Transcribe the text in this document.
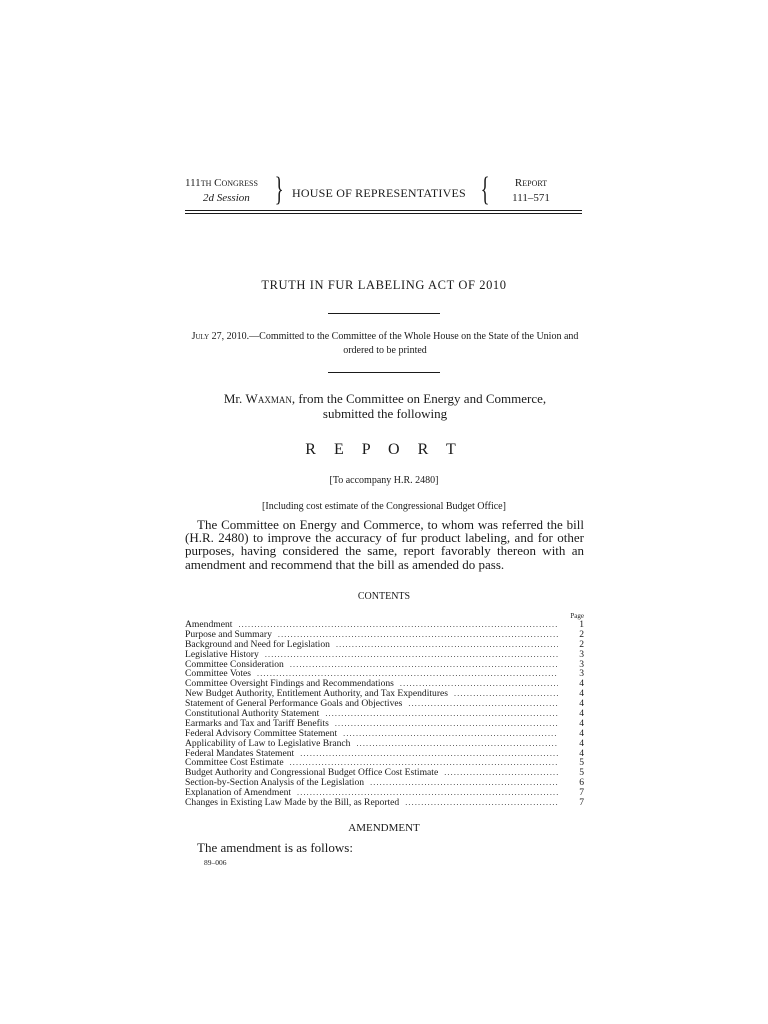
111th Congress
2d Session } HOUSE OF REPRESENTATIVES {	Report
111–571
TRUTH IN FUR LABELING ACT OF 2010
July 27, 2010.—Committed to the Committee of the Whole House on the State of the Union and ordered to be printed
Mr. Waxman, from the Committee on Energy and Commerce,
submitted the following
R E P O R T
[To accompany H.R. 2480]
[Including cost estimate of the Congressional Budget Office]
The Committee on Energy and Commerce, to whom was referred the bill (H.R. 2480) to improve the accuracy of fur product labeling, and for other purposes, having considered the same, report favorably thereon with an amendment and recommend that the bill as amended do pass.
CONTENTS
Page
Amendment .....	1
Purpose and Summary .....	2
Background and Need for Legislation .....	2
Legislative History .....	3
Committee Consideration .....	3
Committee Votes .....	3
Committee Oversight Findings and Recommendations .....	4
New Budget Authority, Entitlement Authority, and Tax Expenditures .....	4
Statement of General Performance Goals and Objectives .....	4
Constitutional Authority Statement .....	4
Earmarks and Tax and Tariff Benefits .....	4
Federal Advisory Committee Statement .....	4
Applicability of Law to Legislative Branch .....	4
Federal Mandates Statement .....	4
Committee Cost Estimate .....	5
Budget Authority and Congressional Budget Office Cost Estimate .....	5
Section-by-Section Analysis of the Legislation .....	6
Explanation of Amendment .....	7
Changes in Existing Law Made by the Bill, as Reported .....	7
AMENDMENT
The amendment is as follows:
89–006
